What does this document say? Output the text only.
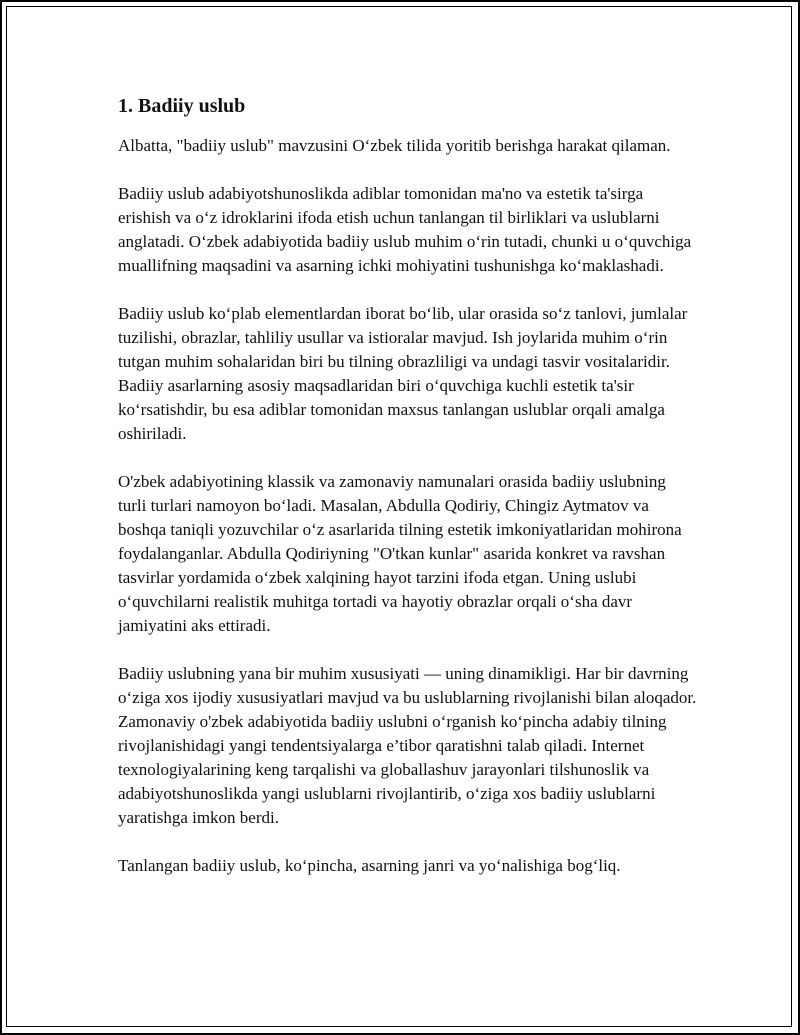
1. Badiiy uslub

Albatta, "badiiy uslub" mavzusini O‘zbek tilida yoritib berishga harakat qilaman.

Badiiy uslub adabiyotshunoslikda adiblar tomonidan ma'no va estetik ta'sirga erishish va o‘z idroklarini ifoda etish uchun tanlangan til birliklari va uslublarni anglatadi. O‘zbek adabiyotida badiiy uslub muhim o‘rin tutadi, chunki u o‘quvchiga muallifning maqsadini va asarning ichki mohiyatini tushunishga ko‘maklashadi.

Badiiy uslub ko‘plab elementlardan iborat bo‘lib, ular orasida so‘z tanlovi, jumlalar tuzilishi, obrazlar, tahliliy usullar va istioralar mavjud. Ish joylarida muhim o‘rin tutgan muhim sohalaridan biri bu tilning obrazliligi va undagi tasvir vositalaridir. Badiiy asarlarning asosiy maqsadlaridan biri o‘quvchiga kuchli estetik ta'sir ko‘rsatishdir, bu esa adiblar tomonidan maxsus tanlangan uslublar orqali amalga oshiriladi.

O'zbek adabiyotining klassik va zamonaviy namunalari orasida badiiy uslubning turli turlari namoyon bo‘ladi. Masalan, Abdulla Qodiriy, Chingiz Aytmatov va boshqa taniqli yozuvchilar o‘z asarlarida tilning estetik imkoniyatlaridan mohirona foydalanganlar. Abdulla Qodiriyning "O'tkan kunlar" asarida konkret va ravshan tasvirlar yordamida o‘zbek xalqining hayot tarzini ifoda etgan. Uning uslubi o‘quvchilarni realistik muhitga tortadi va hayotiy obrazlar orqali o‘sha davr jamiyatini aks ettiradi.

Badiiy uslubning yana bir muhim xususiyati — uning dinamikligi. Har bir davrning o‘ziga xos ijodiy xususiyatlari mavjud va bu uslublarning rivojlanishi bilan aloqador. Zamonaviy o'zbek adabiyotida badiiy uslubni o‘rganish ko‘pincha adabiy tilning rivojlanishidagi yangi tendentsiyalarga e’tibor qaratishni talab qiladi. Internet texnologiyalarining keng tarqalishi va globallashuv jarayonlari tilshunoslik va adabiyotshunoslikda yangi uslublarni rivojlantirib, o‘ziga xos badiiy uslublarni yaratishga imkon berdi.

Tanlangan badiiy uslub, ko‘pincha, asarning janri va yo‘nalishiga bog‘liq.
